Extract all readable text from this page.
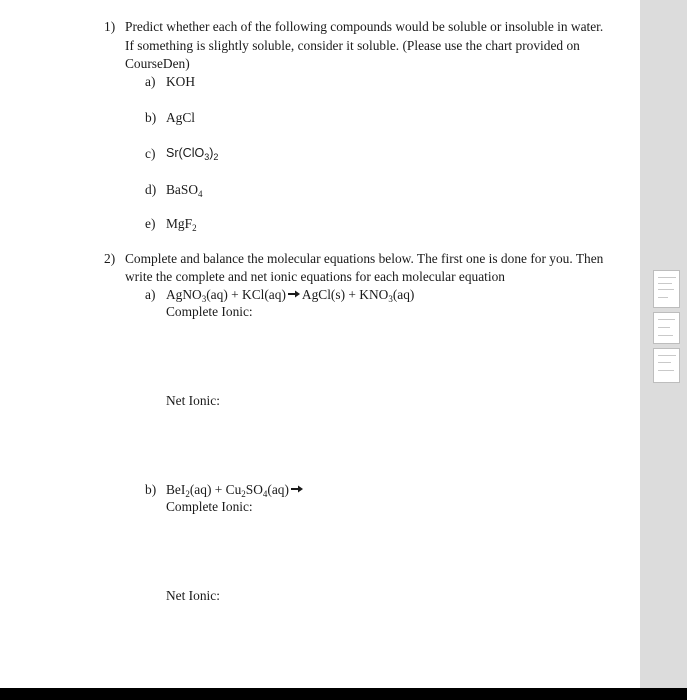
1) Predict whether each of the following compounds would be soluble or insoluble in water.
If something is slightly soluble, consider it soluble. (Please use the chart provided on
CourseDen)
a) KOH
b) AgCl
c) $Sr(ClO_3)_2$
d) BaSO$_4$
e) MgF$_2$
2) Complete and balance the molecular equations below. The first one is done for you. Then
write the complete and net ionic equations for each molecular equation
a) AgNO$_3$(aq) + KCl(aq) → AgCl(s) + $KNO_3(aq)$
Complete Ionic:
Net Ionic:
b) $BeI_2(aq) + Cu_2SO_4(aq)$ →
Complete Ionic:
Net Ionic:
